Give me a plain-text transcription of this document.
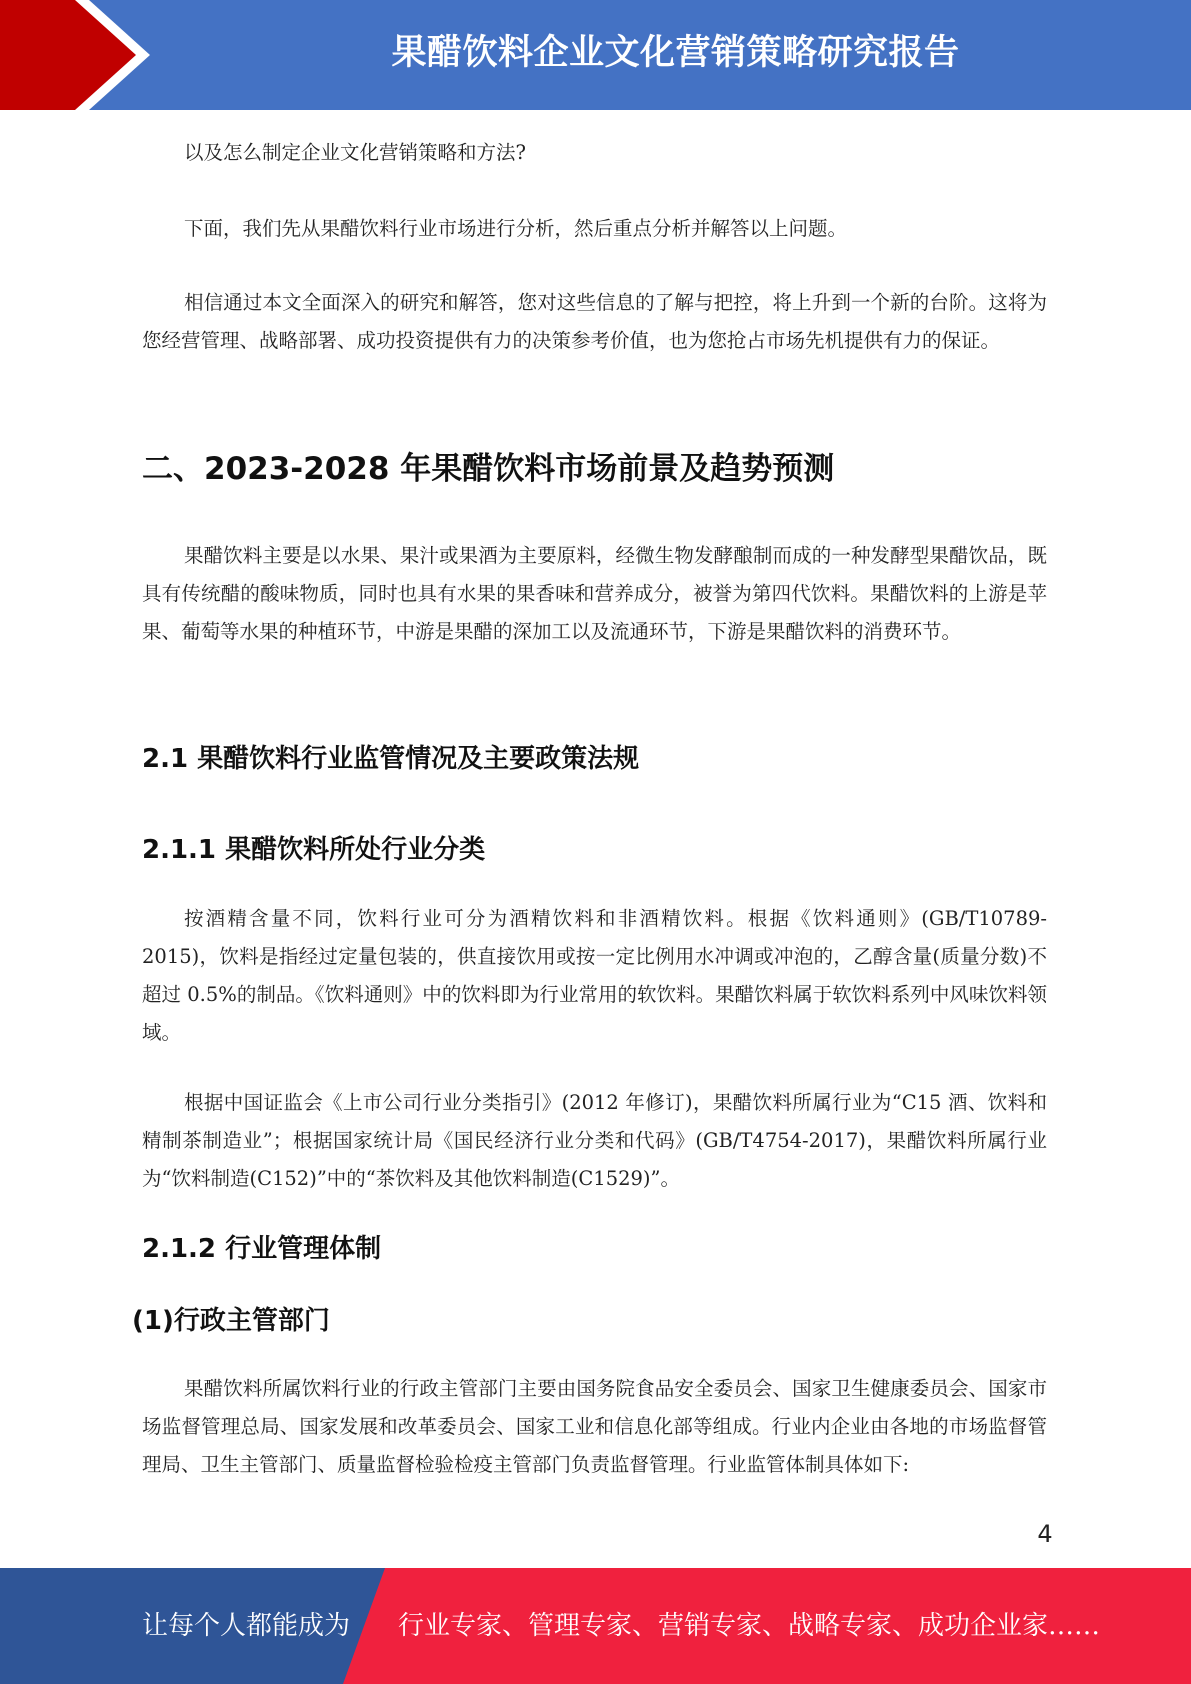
果醋饮料企业文化营销策略研究报告

以及怎么制定企业文化营销策略和方法?

下面，我们先从果醋饮料行业市场进行分析，然后重点分析并解答以上问题。

相信通过本文全面深入的研究和解答，您对这些信息的了解与把控，将上升到一个新的台阶。这将为您经营管理、战略部署、成功投资提供有力的决策参考价值，也为您抢占市场先机提供有力的保证。

二、2023-2028 年果醋饮料市场前景及趋势预测

果醋饮料主要是以水果、果汁或果酒为主要原料，经微生物发酵酿制而成的一种发酵型果醋饮品，既具有传统醋的酸味物质，同时也具有水果的果香味和营养成分，被誉为第四代饮料。果醋饮料的上游是苹果、葡萄等水果的种植环节，中游是果醋的深加工以及流通环节，下游是果醋饮料的消费环节。

2.1 果醋饮料行业监管情况及主要政策法规
2.1.1 果醋饮料所处行业分类

按酒精含量不同，饮料行业可分为酒精饮料和非酒精饮料。根据《饮料通则》(GB/T10789-2015)，饮料是指经过定量包装的，供直接饮用或按一定比例用水冲调或冲泡的，乙醇含量(质量分数)不超过 0.5%的制品。《饮料通则》中的饮料即为行业常用的软饮料。果醋饮料属于软饮料系列中风味饮料领域。

根据中国证监会《上市公司行业分类指引》(2012 年修订)，果醋饮料所属行业为“C15 酒、饮料和精制茶制造业”；根据国家统计局《国民经济行业分类和代码》(GB/T4754-2017)，果醋饮料所属行业为“饮料制造(C152)”中的“茶饮料及其他饮料制造(C1529)”。

2.1.2 行业管理体制
(1)行政主管部门

果醋饮料所属饮料行业的行政主管部门主要由国务院食品安全委员会、国家卫生健康委员会、国家市场监督管理总局、国家发展和改革委员会、国家工业和信息化部等组成。行业内企业由各地的市场监督管理局、卫生主管部门、质量监督检验检疫主管部门负责监督管理。行业监管体制具体如下:

4
让每个人都能成为 行业专家、管理专家、营销专家、战略专家、成功企业家……
